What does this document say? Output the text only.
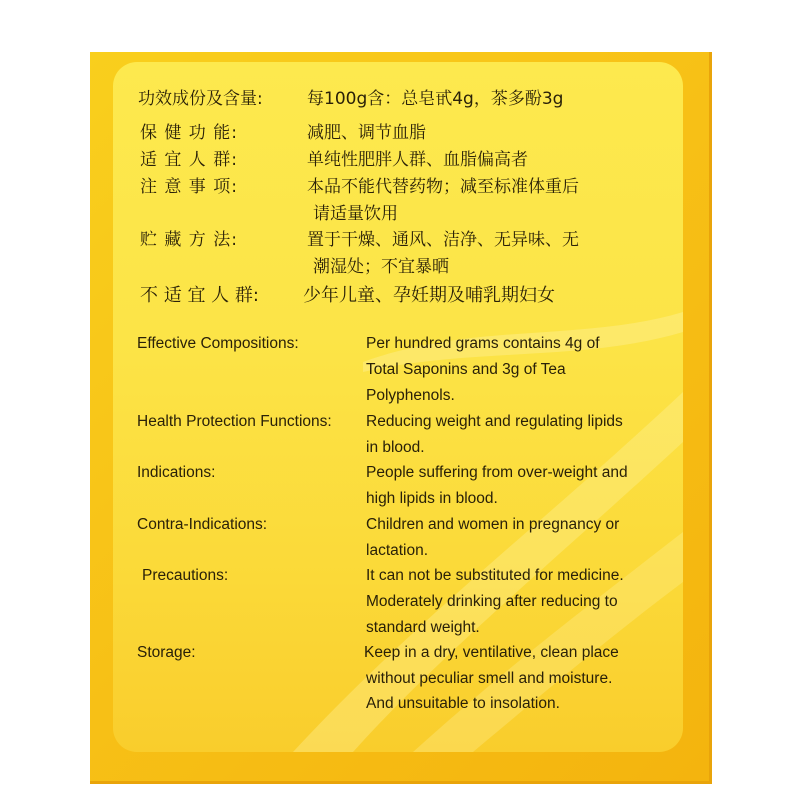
功效成份及含量:	每100g含：总皂甙4g，茶多酚3g
保 健 功 能:	减肥、调节血脂
适 宜 人 群:	单纯性肥胖人群、血脂偏高者
注 意 事 项:	本品不能代替药物；减至标准体重后
请适量饮用
贮 藏 方 法:	置于干燥、通风、洁净、无异味、无
潮湿处；不宜暴晒
不 适 宜 人 群: 少年儿童、孕妊期及哺乳期妇女
Effective Compositions:	Per hundred grams contains 4g of
Total Saponins and 3g of Tea
Polyphenols.
Health Protection Functions: Reducing weight and regulating lipids
in blood.
Indications:	People suffering from over-weight and
high lipids in blood.
Contra-Indications:	Children and women in pregnancy or
lactation.
Precautions:	It can not be substituted for medicine.
Moderately drinking after reducing to
standard weight.
Storage:	Keep in a dry, ventilative, clean place
without peculiar smell and moisture.
And unsuitable to insolation.
